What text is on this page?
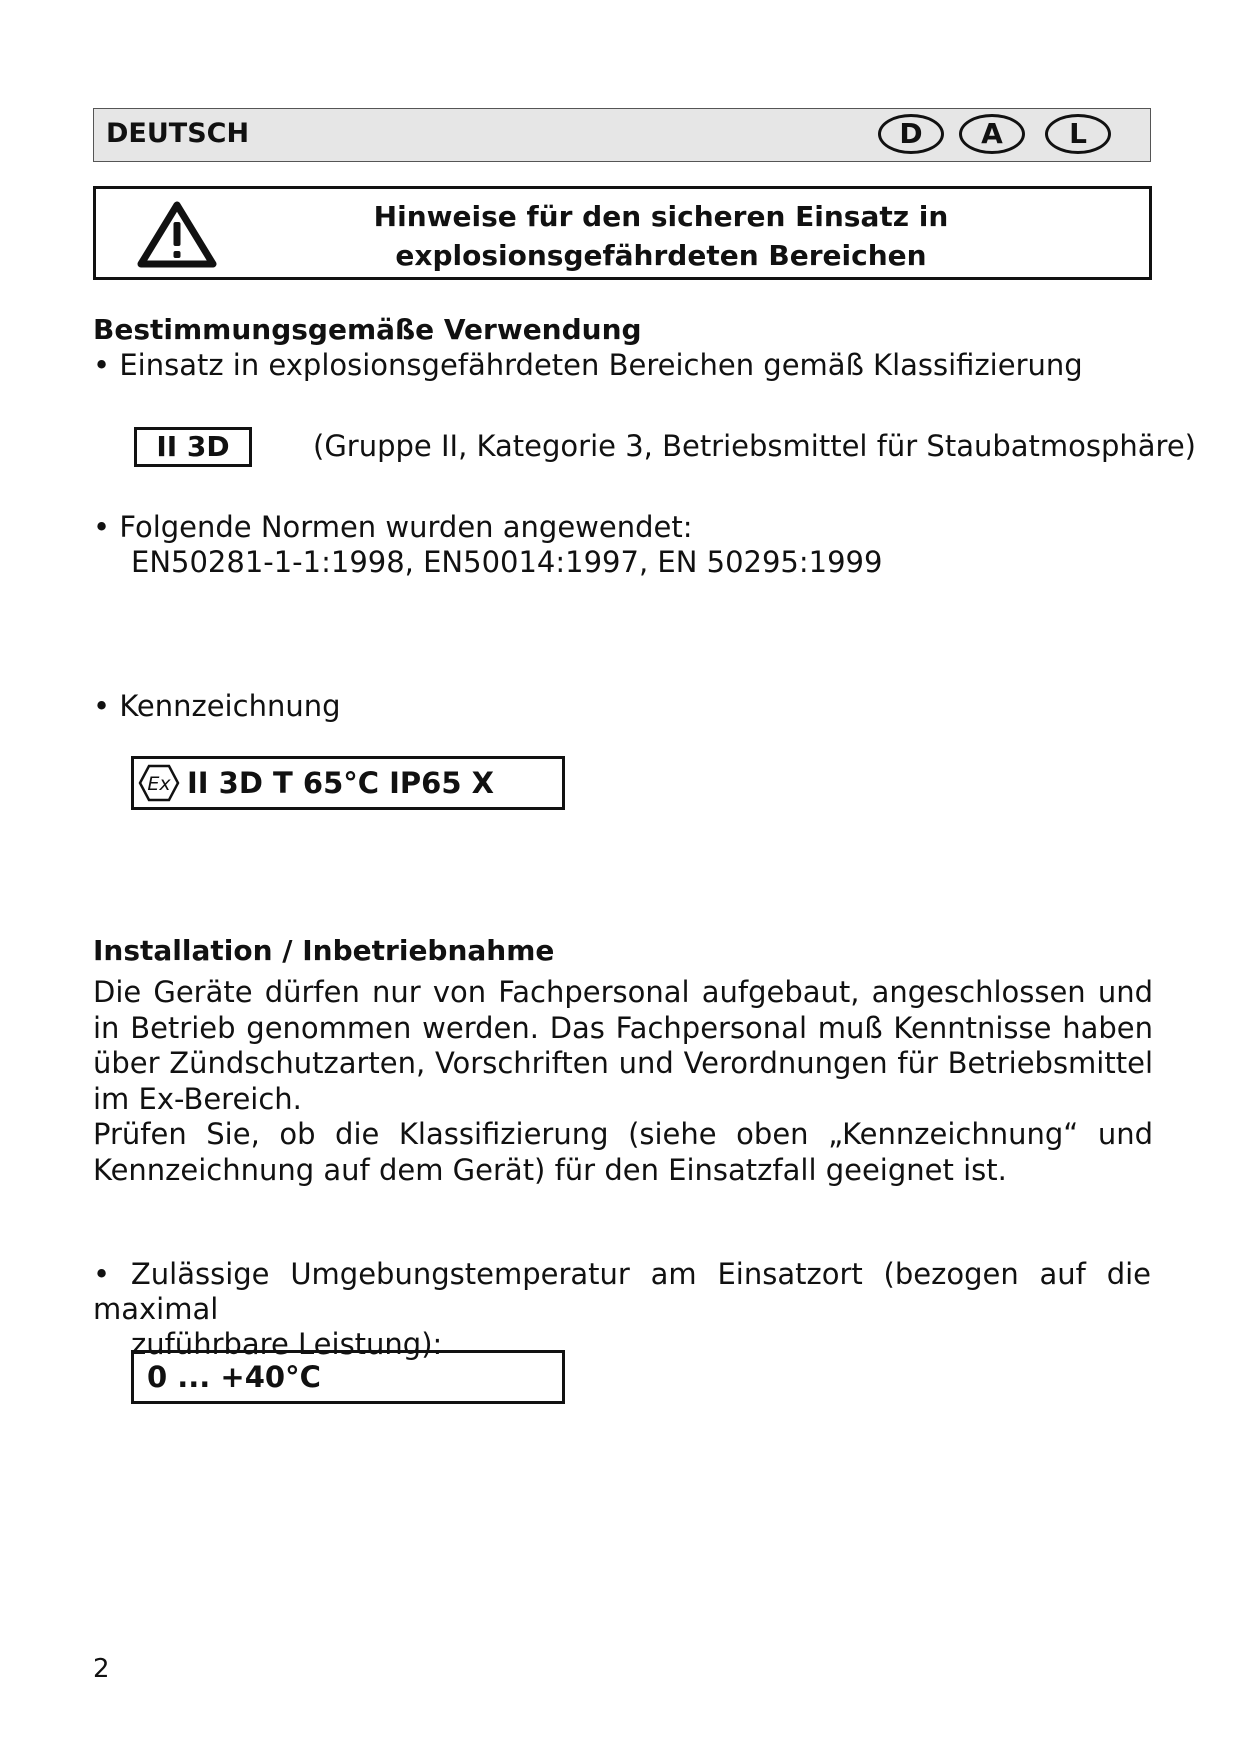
DEUTSCH	D	A	L
Hinweise für den sicheren Einsatz in
explosionsgefährdeten Bereichen
Bestimmungsgemäße Verwendung
• Einsatz in explosionsgefährdeten Bereichen gemäß Klassifizierung
II 3D	(Gruppe II, Kategorie 3, Betriebsmittel für Staubatmosphäre)
• Folgende Normen wurden angewendet:
EN50281-1-1:1998, EN50014:1997, EN 50295:1999
• Kennzeichnung
Ex II 3D T 65°C IP65 X
Installation / Inbetriebnahme

Die Geräte dürfen nur von Fachpersonal aufgebaut, angeschlossen und in Betrieb genommen werden. Das Fachpersonal muß Kenntnisse haben über Zündschutzarten, Vorschriften und Verordnungen für Betriebsmittel im Ex-Bereich.

Prüfen Sie, ob die Klassifizierung (siehe oben „Kennzeichnung“ und Kennzeichnung auf dem Gerät) für den Einsatzfall geeignet ist.

• Zulässige Umgebungstemperatur am Einsatzort (bezogen auf die maximal
zuführbare Leistung):
0 ... +40°C
2
